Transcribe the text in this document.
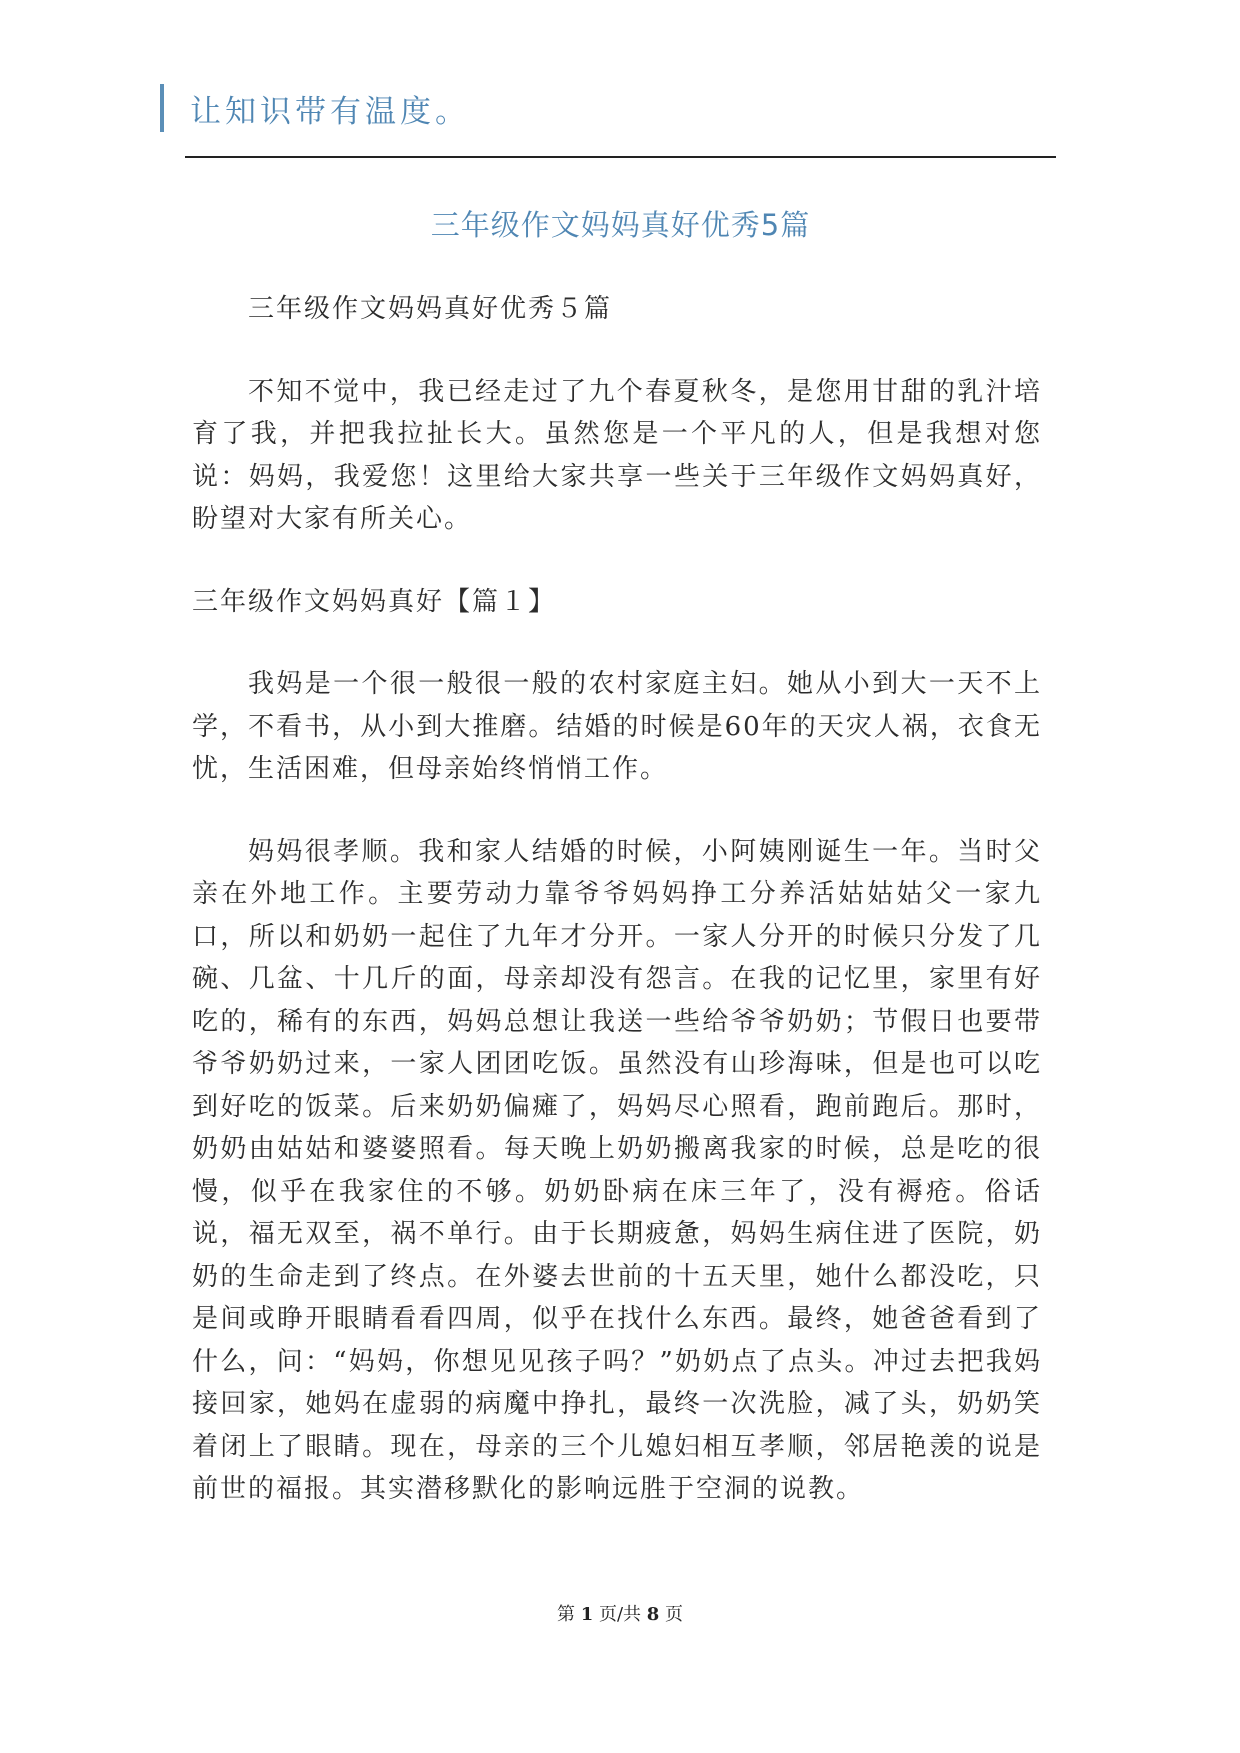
让知识带有温度。
三年级作文妈妈真好优秀5篇

三年级作文妈妈真好优秀５篇

不知不觉中，我已经走过了九个春夏秋冬，是您用甘甜的乳汁培育了我，并把我拉扯长大。虽然您是一个平凡的人，但是我想对您说：妈妈，我爱您！这里给大家共享一些关于三年级作文妈妈真好，盼望对大家有所关心。

三年级作文妈妈真好【篇１】

我妈是一个很一般很一般的农村家庭主妇。她从小到大一天不上学，不看书，从小到大推磨。结婚的时候是60年的天灾人祸，衣食无忧，生活困难，但母亲始终悄悄工作。

妈妈很孝顺。我和家人结婚的时候，小阿姨刚诞生一年。当时父亲在外地工作。主要劳动力靠爷爷妈妈挣工分养活姑姑姑父一家九口，所以和奶奶一起住了九年才分开。一家人分开的时候只分发了几碗、几盆、十几斤的面，母亲却没有怨言。在我的记忆里，家里有好吃的，稀有的东西，妈妈总想让我送一些给爷爷奶奶；节假日也要带爷爷奶奶过来，一家人团团吃饭。虽然没有山珍海味，但是也可以吃到好吃的饭菜。后来奶奶偏瘫了，妈妈尽心照看，跑前跑后。那时，奶奶由姑姑和婆婆照看。每天晚上奶奶搬离我家的时候，总是吃的很慢，似乎在我家住的不够。奶奶卧病在床三年了，没有褥疮。俗话说，福无双至，祸不单行。由于长期疲惫，妈妈生病住进了医院，奶奶的生命走到了终点。在外婆去世前的十五天里，她什么都没吃，只是间或睁开眼睛看看四周，似乎在找什么东西。最终，她爸爸看到了什么，问：“妈妈，你想见见孩子吗？”奶奶点了点头。冲过去把我妈接回家，她妈在虚弱的病魔中挣扎，最终一次洗脸，减了头，奶奶笑着闭上了眼睛。现在，母亲的三个儿媳妇相互孝顺，邻居艳羡的说是前世的福报。其实潜移默化的影响远胜于空洞的说教。

第 1 页/共 8 页
